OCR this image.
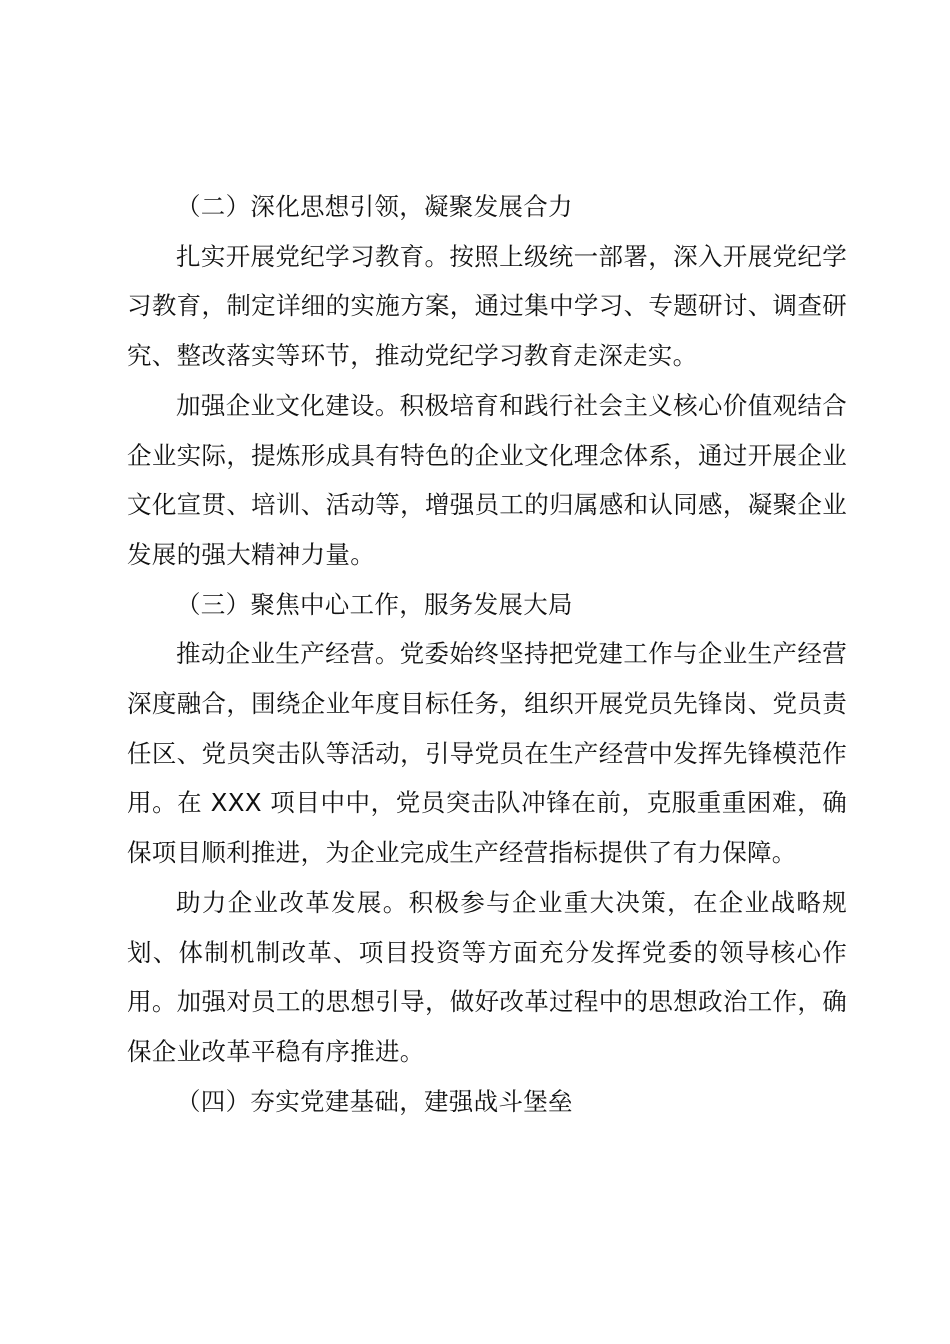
（二）深化思想引领，凝聚发展合力

扎实开展党纪学习教育。按照上级统一部署，深入开展党纪学习教育，制定详细的实施方案，通过集中学习、专题研讨、调查研究、整改落实等环节，推动党纪学习教育走深走实。

加强企业文化建设。积极培育和践行社会主义核心价值观结合企业实际，提炼形成具有特色的企业文化理念体系，通过开展企业文化宣贯、培训、活动等，增强员工的归属感和认同感，凝聚企业发展的强大精神力量。

（三）聚焦中心工作，服务发展大局

推动企业生产经营。党委始终坚持把党建工作与企业生产经营深度融合，围绕企业年度目标任务，组织开展党员先锋岗、党员责任区、党员突击队等活动，引导党员在生产经营中发挥先锋模范作用。在 XXX 项目中中，党员突击队冲锋在前，克服重重困难，确保项目顺利推进，为企业完成生产经营指标提供了有力保障。

助力企业改革发展。积极参与企业重大决策，在企业战略规划、体制机制改革、项目投资等方面充分发挥党委的领导核心作用。加强对员工的思想引导，做好改革过程中的思想政治工作，确保企业改革平稳有序推进。

（四）夯实党建基础，建强战斗堡垒
